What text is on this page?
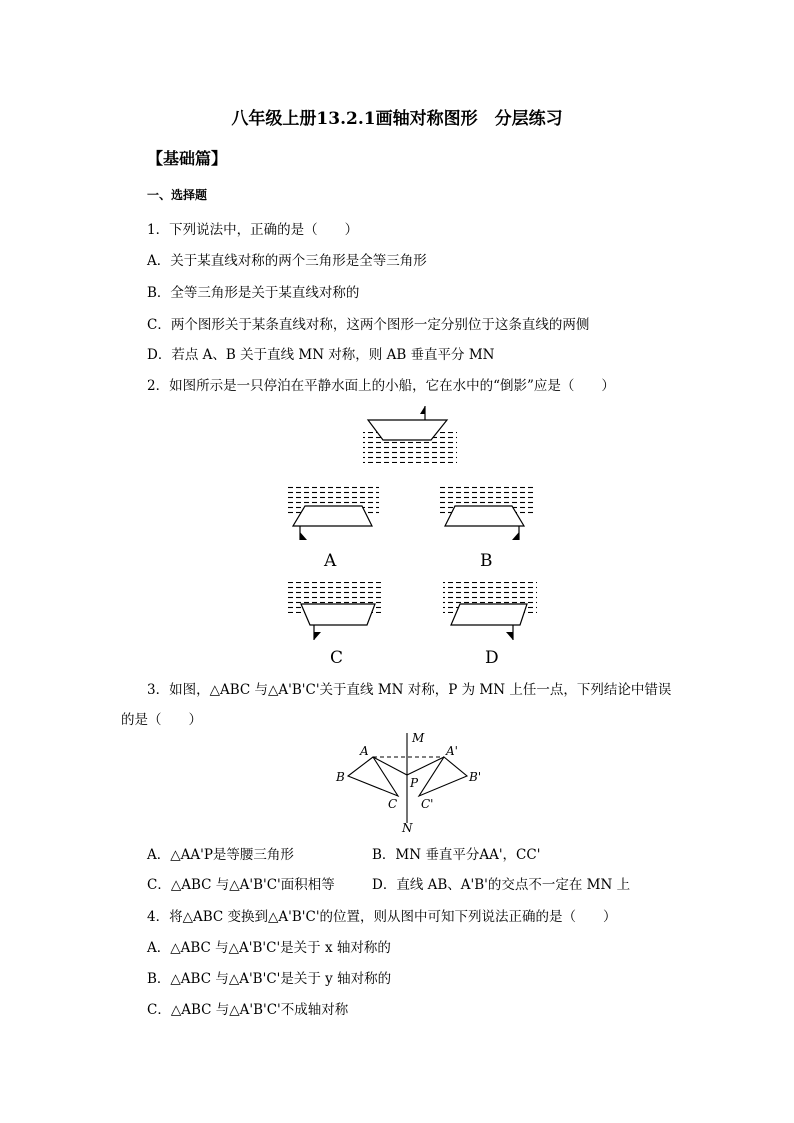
八年级上册13.2.1画轴对称图形　分层练习
【基础篇】
一、选择题
1．下列说法中，正确的是（　　）
A．关于某直线对称的两个三角形是全等三角形
B．全等三角形是关于某直线对称的
C．两个图形关于某条直线对称，这两个图形一定分别位于这条直线的两侧
D．若点 A、B 关于直线 MN 对称，则 AB 垂直平分 MN
2．如图所示是一只停泊在平静水面上的小船，它在水中的“倒影”应是（　　）
A	B
C	D
3．如图，△ABC 与△A'B'C'关于直线 MN 对称，P 为 MN 上任一点，下列结论中错误
的是（　　）
M
N
A
B
C
P
A'
B'
C'
A．△AA'P是等腰三角形	B．MN 垂直平分AA'，CC'
C．△ABC 与△A'B'C'面积相等	D．直线 AB、A'B'的交点不一定在 MN 上
4．将△ABC 变换到△A'B'C'的位置，则从图中可知下列说法正确的是（　　）
A．△ABC 与△A'B'C'是关于 x 轴对称的
B．△ABC 与△A'B'C'是关于 y 轴对称的
C．△ABC 与△A'B'C'不成轴对称
